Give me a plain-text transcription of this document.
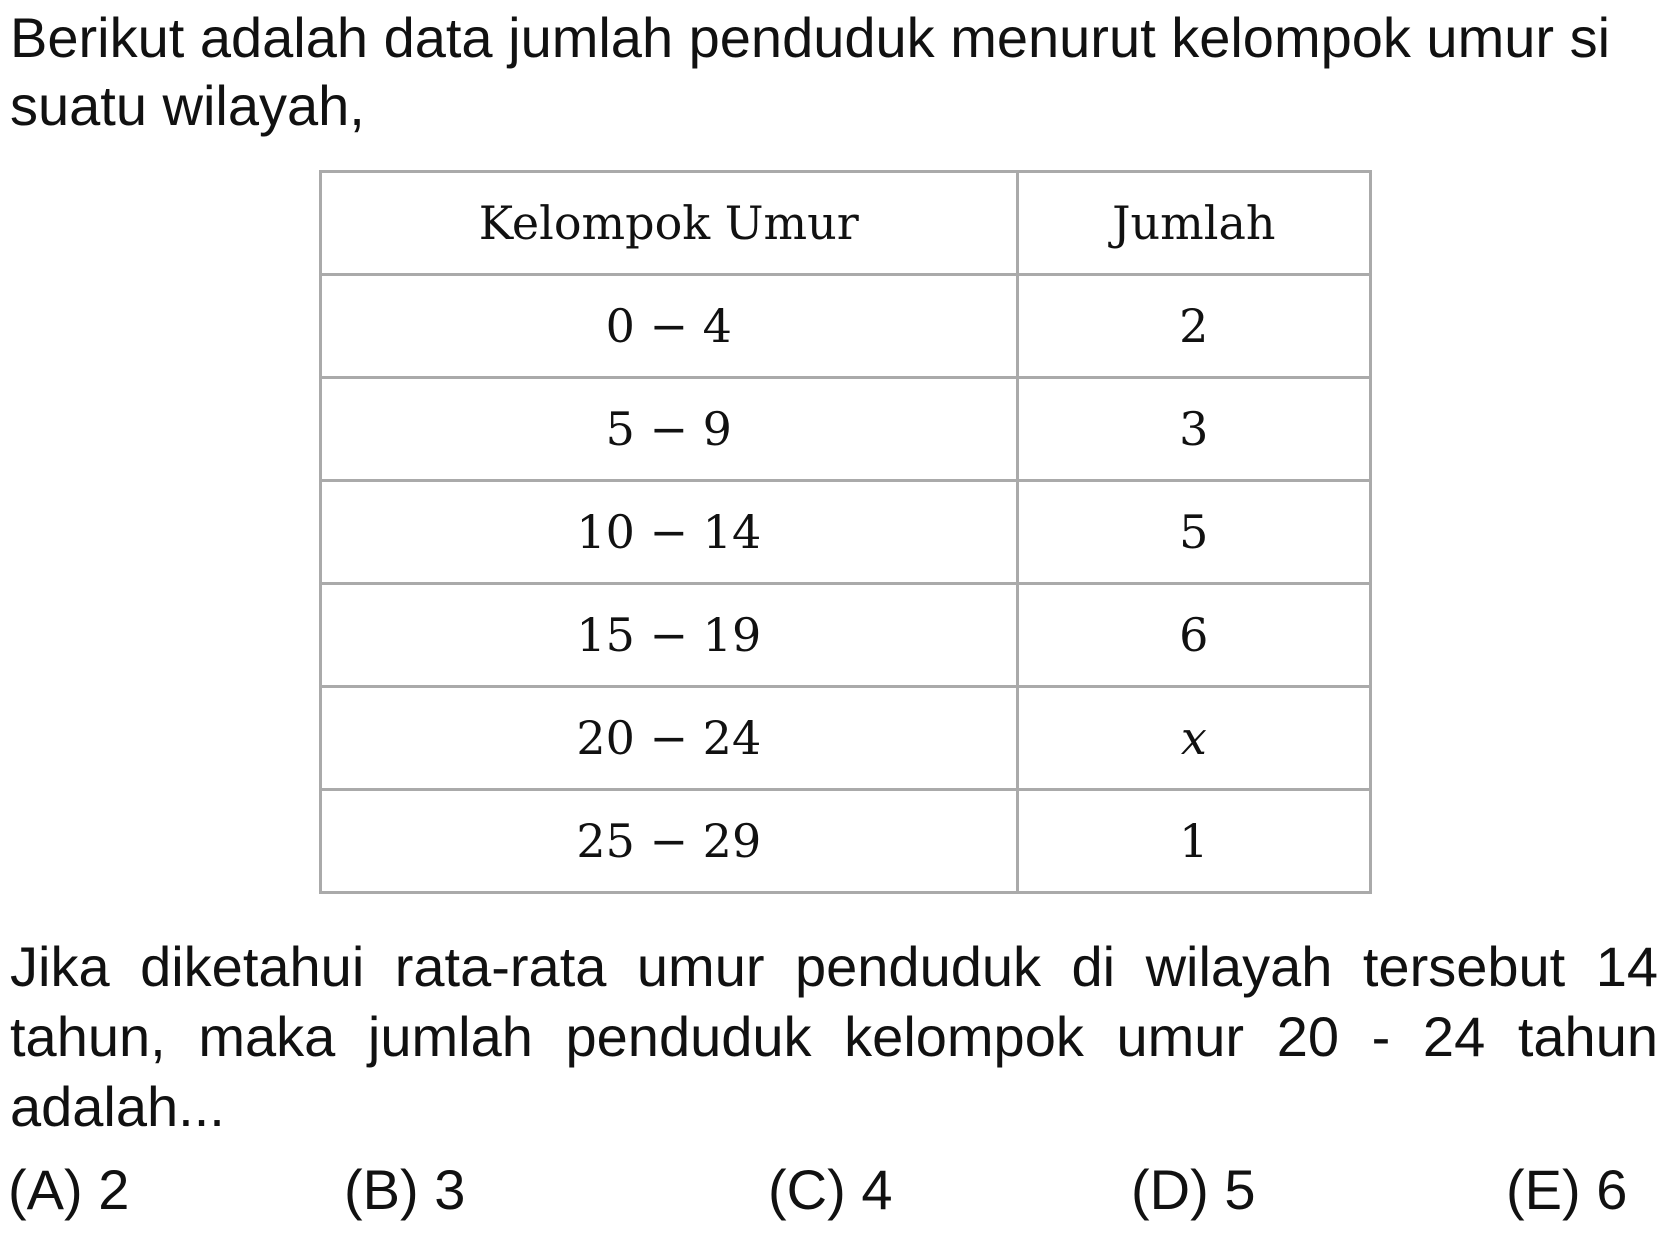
Berikut adalah data jumlah penduduk menurut kelompok umur si suatu wilayah,

Kelompok Umur	Jumlah
0 − 4	2
5 − 9	3
10 − 14	5
15 − 19	6
20 − 24	x
25 − 29	1

Jika diketahui rata-rata umur penduduk di wilayah tersebut 14 tahun, maka jumlah penduduk kelompok umur 20 - 24 tahun adalah...

(A) 2	(B) 3	(C) 4	(D) 5	(E) 6
